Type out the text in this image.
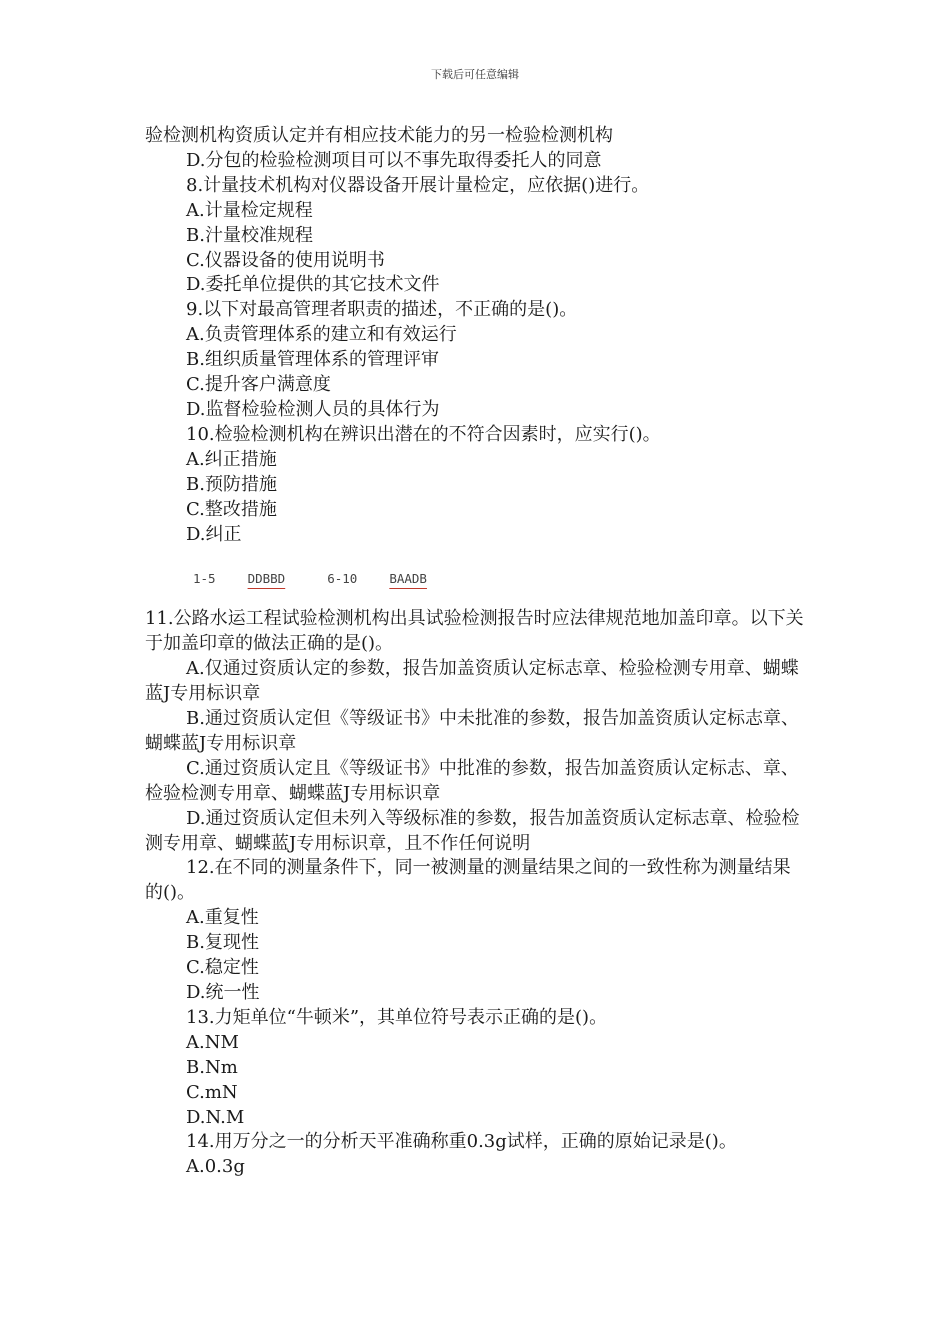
下载后可任意编辑
验检测机构资质认定并有相应技术能力的另一检验检测机构
D.分包的检验检测项目可以不事先取得委托人的同意
8.计量技术机构对仪器设备开展计量检定，应依据()进行。
A.计量检定规程
B.汁量校准规程
C.仪器设备的使用说明书
D.委托单位提供的其它技术文件
9.以下对最高管理者职责的描述，不正确的是()。
A.负责管理体系的建立和有效运行
B.组织质量管理体系的管理评审
C.提升客户满意度
D.监督检验检测人员的具体行为
10.检验检测机构在辨识出潜在的不符合因素时，应实行()。
A.纠正措施
B.预防措施
C.整改措施
D.纠正
1-5	DDBBD	6-10	BAADB
11.公路水运工程试验检测机构出具试验检测报告时应法律规范地加盖印章。以下关于加盖印章的做法正确的是()。
A.仅通过资质认定的参数，报告加盖资质认定标志章、检验检测专用章、蝴蝶蓝J专用标识章
B.通过资质认定但《等级证书》中未批准的参数，报告加盖资质认定标志章、蝴蝶蓝J专用标识章
C.通过资质认定且《等级证书》中批准的参数，报告加盖资质认定标志、章、检验检测专用章、蝴蝶蓝J专用标识章
D.通过资质认定但未列入等级标准的参数，报告加盖资质认定标志章、检验检测专用章、蝴蝶蓝J专用标识章，且不作任何说明
12.在不同的测量条件下，同一被测量的测量结果之间的一致性称为测量结果的()。
A.重复性
B.复现性
C.稳定性
D.统一性
13.力矩单位“牛顿米”，其单位符号表示正确的是()。
A.NM
B.Nm
C.mN
D.N.M
14.用万分之一的分析天平准确称重0.3g试样，正确的原始记录是()。
A.0.3g
